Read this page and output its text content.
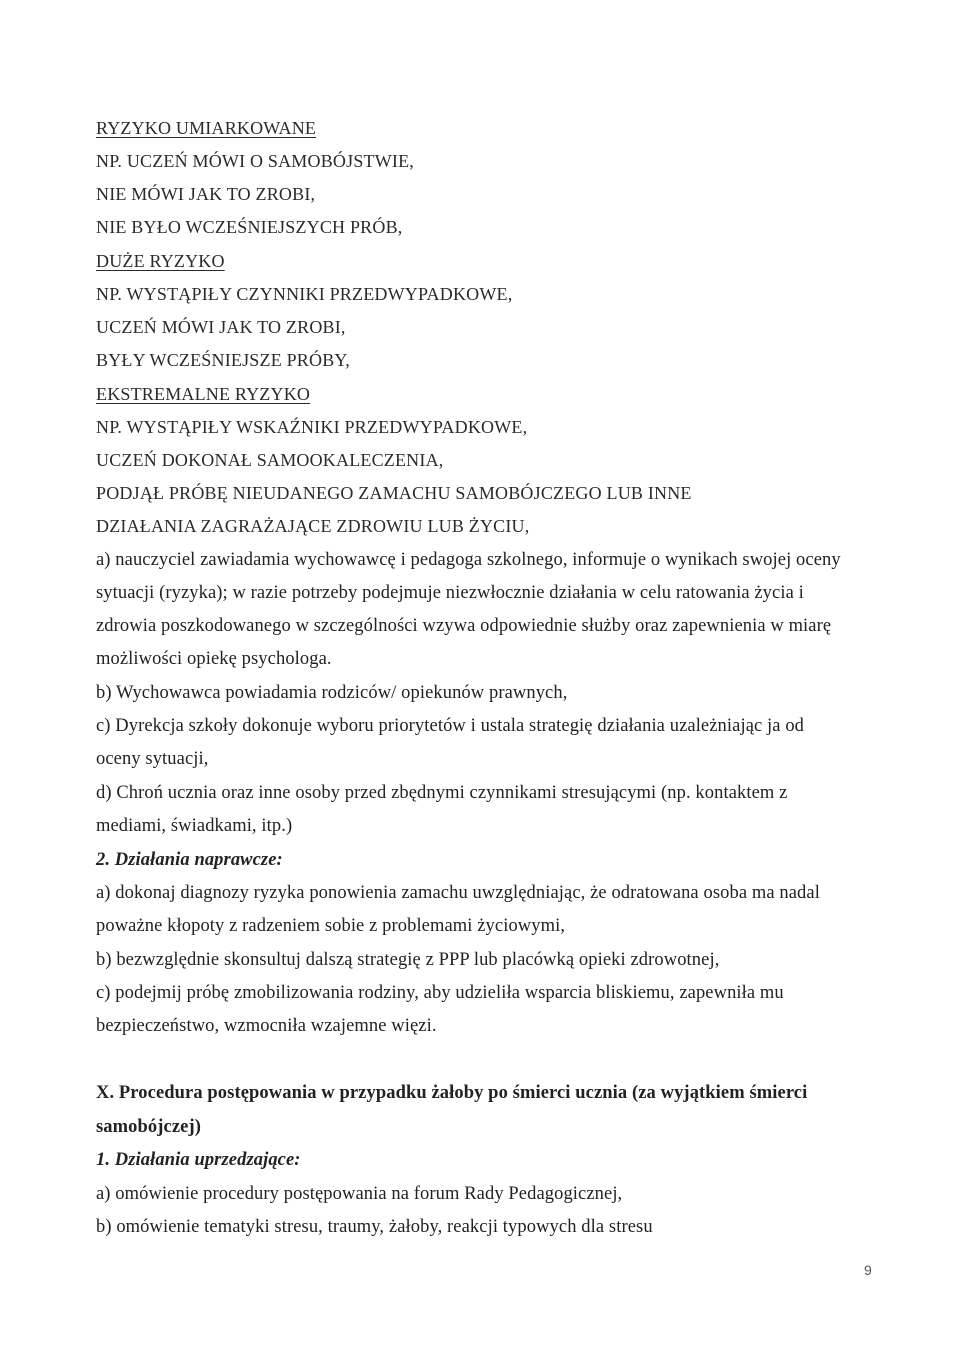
RYZYKO UMIARKOWANE
NP. UCZEŃ MÓWI O SAMOBÓJSTWIE,
NIE MÓWI JAK TO ZROBI,
NIE BYŁO WCZEŚNIEJSZYCH PRÓB,
DUŻE RYZYKO
NP. WYSTĄPIŁY CZYNNIKI PRZEDWYPADKOWE,
UCZEŃ MÓWI JAK TO ZROBI,
BYŁY WCZEŚNIEJSZE PRÓBY,
EKSTREMALNE RYZYKO
NP. WYSTĄPIŁY WSKAŹNIKI PRZEDWYPADKOWE,
UCZEŃ DOKONAŁ SAMOOKALECZENIA,
PODJĄŁ PRÓBĘ NIEUDANEGO ZAMACHU SAMOBÓJCZEGO LUB INNE
DZIAŁANIA ZAGRAŻAJĄCE ZDROWIU LUB ŻYCIU,
a) nauczyciel zawiadamia wychowawcę i pedagoga szkolnego, informuje o wynikach swojej oceny
sytuacji (ryzyka); w razie potrzeby podejmuje niezwłocznie działania w celu ratowania życia i
zdrowia poszkodowanego w szczególności wzywa odpowiednie służby oraz zapewnienia w miarę
możliwości opiekę psychologa.
b) Wychowawca powiadamia rodziców/ opiekunów prawnych,
c) Dyrekcja szkoły dokonuje wyboru priorytetów i ustala strategię działania uzależniając ja od
oceny sytuacji,
d) Chroń ucznia oraz inne osoby przed zbędnymi czynnikami stresującymi (np. kontaktem z
mediami, świadkami, itp.)
2. Działania naprawcze:
a) dokonaj diagnozy ryzyka ponowienia zamachu uwzględniając, że odratowana osoba ma nadal
poważne kłopoty z radzeniem sobie z problemami życiowymi,
b) bezwzględnie skonsultuj dalszą strategię z PPP lub placówką opieki zdrowotnej,
c) podejmij próbę zmobilizowania rodziny, aby udzieliła wsparcia bliskiemu, zapewniła mu
bezpieczeństwo, wzmocniła wzajemne więzi.
X. Procedura postępowania w przypadku żałoby po śmierci ucznia (za wyjątkiem śmierci
samobójczej)
1. Działania uprzedzające:
a) omówienie procedury postępowania na forum Rady Pedagogicznej,
b) omówienie tematyki stresu, traumy, żałoby, reakcji typowych dla stresu
9
